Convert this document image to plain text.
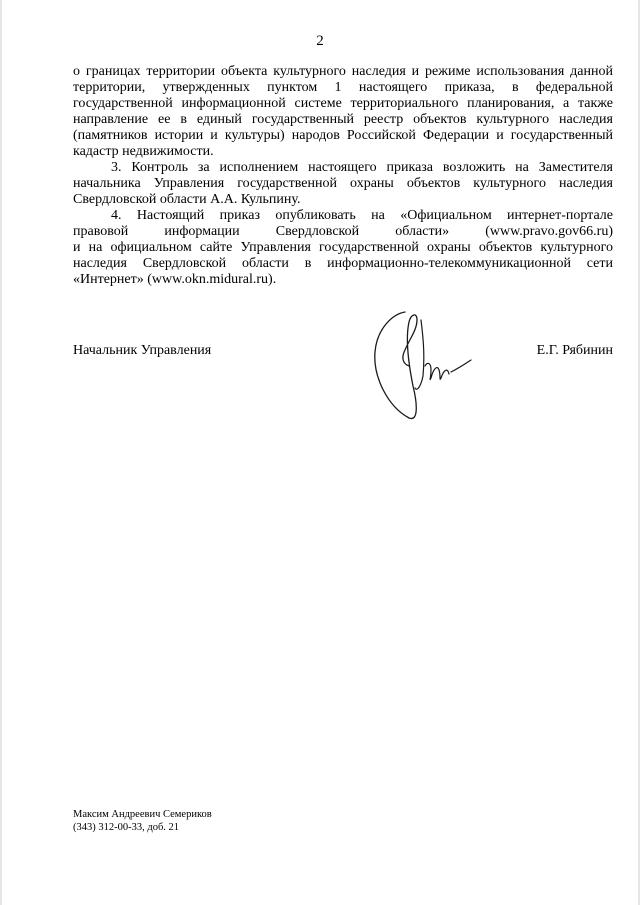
2

о границах территории объекта культурного наследия и режиме использования данной территории, утвержденных пунктом 1 настоящего приказа, в федеральной государственной информационной системе территориального планирования, а также направление ее в единый государственный реестр объектов культурного наследия (памятников истории и культуры) народов Российской Федерации и государственный кадастр недвижимости.

3. Контроль за исполнением настоящего приказа возложить на Заместителя начальника Управления государственной охраны объектов культурного наследия Свердловской области А.А. Кульпину.

4. Настоящий приказ опубликовать на «Официальном интернет-портале
правовой информации Свердловской области» (www.pravo.gov66.ru)
и на официальном сайте Управления государственной охраны объектов культурного наследия Свердловской области в информационно-телекоммуникационной сети «Интернет» (www.okn.midural.ru).

Начальник Управления	Е.Г. Рябинин
Максим Андреевич Семериков
(343) 312-00-33, доб. 21
